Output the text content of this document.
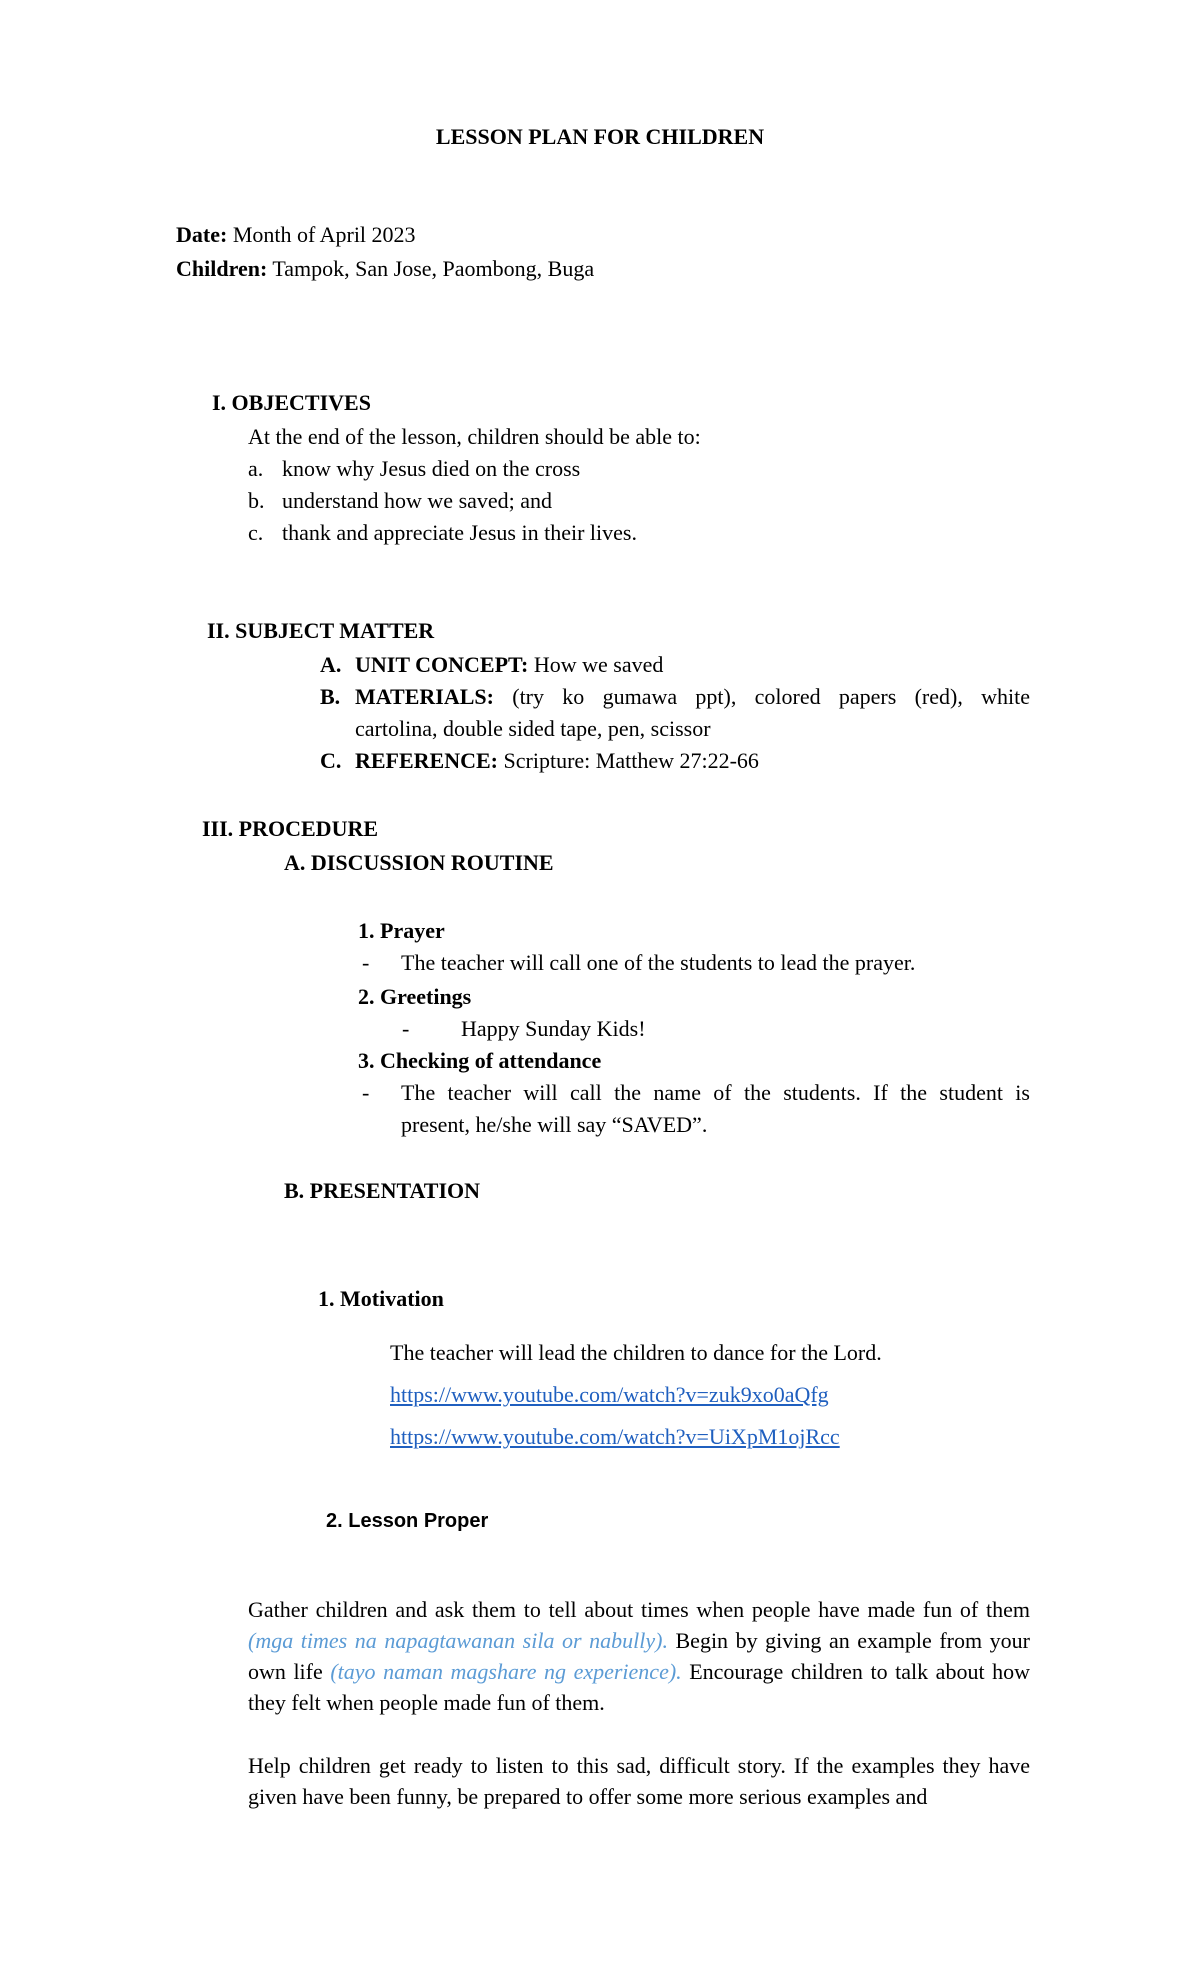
LESSON PLAN FOR CHILDREN
Date: Month of April 2023
Children: Tampok, San Jose, Paombong, Buga
I. OBJECTIVES
At the end of the lesson, children should be able to:
a. know why Jesus died on the cross
b. understand how we saved; and
c. thank and appreciate Jesus in their lives.
II. SUBJECT MATTER
A. UNIT CONCEPT: How we saved
B. MATERIALS: (try ko gumawa ppt), colored papers (red), white
cartolina, double sided tape, pen, scissor
C. REFERENCE: Scripture: Matthew 27:22-66
III. PROCEDURE
A. DISCUSSION ROUTINE
1. Prayer
- The teacher will call one of the students to lead the prayer.
2. Greetings
- Happy Sunday Kids!
3. Checking of attendance
- The teacher will call the name of the students. If the student is
present, he/she will say “SAVED”.
B. PRESENTATION
1. Motivation
The teacher will lead the children to dance for the Lord.
https://www.youtube.com/watch?v=zuk9xo0aQfg
https://www.youtube.com/watch?v=UiXpM1ojRcc
2. Lesson Proper
Gather children and ask them to tell about times when people have made fun of them (mga times na napagtawanan sila or nabully). Begin by giving an example from your own life (tayo naman magshare ng experience). Encourage children to talk about how they felt when people made fun of them.
Help children get ready to listen to this sad, difficult story. If the examples they have given have been funny, be prepared to offer some more serious examples and
